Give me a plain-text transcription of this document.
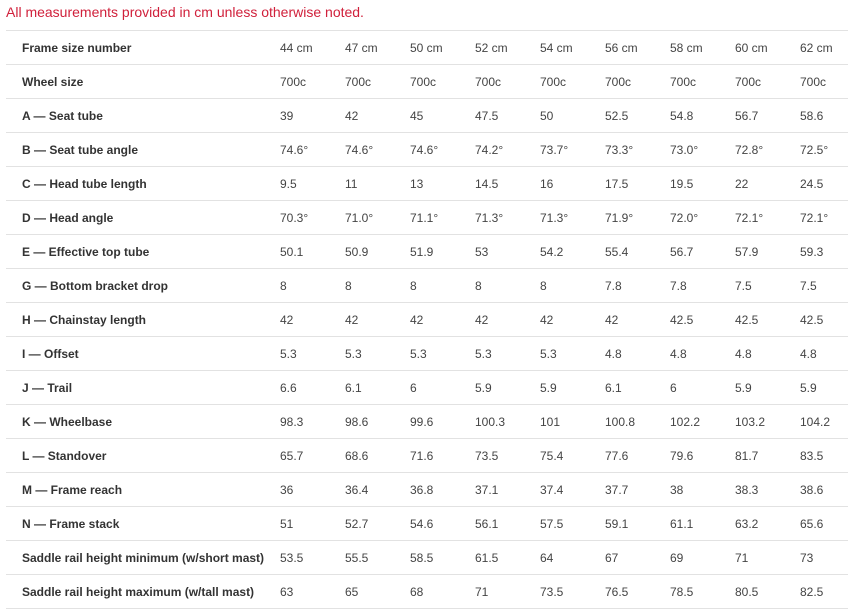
All measurements provided in cm unless otherwise noted.
Frame size number	44 cm	47 cm	50 cm	52 cm	54 cm	56 cm	58 cm	60 cm	62 cm
Wheel size	700c	700c	700c	700c	700c	700c	700c	700c	700c
A — Seat tube	39	42	45	47.5	50	52.5	54.8	56.7	58.6
B — Seat tube angle	74.6°	74.6°	74.6°	74.2°	73.7°	73.3°	73.0°	72.8°	72.5°
C — Head tube length	9.5	11	13	14.5	16	17.5	19.5	22	24.5
D — Head angle	70.3°	71.0°	71.1°	71.3°	71.3°	71.9°	72.0°	72.1°	72.1°
E — Effective top tube	50.1	50.9	51.9	53	54.2	55.4	56.7	57.9	59.3
G — Bottom bracket drop	8	8	8	8	8	7.8	7.8	7.5	7.5
H — Chainstay length	42	42	42	42	42	42	42.5	42.5	42.5
I — Offset	5.3	5.3	5.3	5.3	5.3	4.8	4.8	4.8	4.8
J — Trail	6.6	6.1	6	5.9	5.9	6.1	6	5.9	5.9
K — Wheelbase	98.3	98.6	99.6	100.3	101	100.8	102.2	103.2	104.2
L — Standover	65.7	68.6	71.6	73.5	75.4	77.6	79.6	81.7	83.5
M — Frame reach	36	36.4	36.8	37.1	37.4	37.7	38	38.3	38.6
N — Frame stack	51	52.7	54.6	56.1	57.5	59.1	61.1	63.2	65.6
Saddle rail height minimum (w/short mast)	53.5	55.5	58.5	61.5	64	67	69	71	73
Saddle rail height maximum (w/tall mast)	63	65	68	71	73.5	76.5	78.5	80.5	82.5
